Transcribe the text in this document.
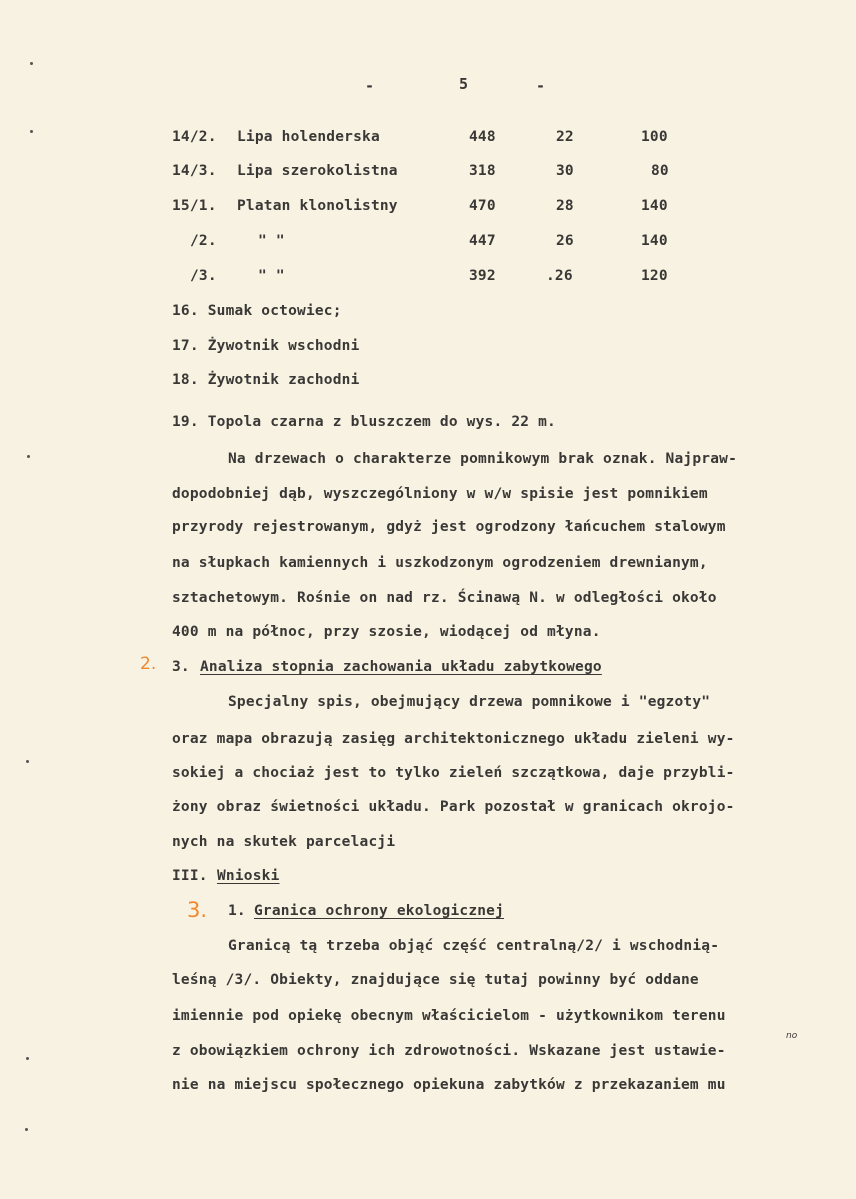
-	5	-
14/2. Lipa holenderska	448	22	100
14/3. Lipa szerokolistna	318	30	80
15/1. Platan klonolistny	470	28	140
/2.	" "	447	26	140
/3.	" "	392	.26	120
16. Sumak octowiec;
17. Żywotnik wschodni
18. Żywotnik zachodni
19. Topola czarna z bluszczem do wys. 22 m.
Na drzewach o charakterze pomnikowym brak oznak. Najpraw-
dopodobniej dąb, wyszczególniony w w/w spisie jest pomnikiem
przyrody rejestrowanym, gdyż jest ogrodzony łańcuchem stalowym
na słupkach kamiennych i uszkodzonym ogrodzeniem drewnianym,
sztachetowym. Rośnie on nad rz. Ścinawą N. w odległości około
400 m na północ, przy szosie, wiodącej od młyna.
2. 3. Analiza stopnia zachowania układu zabytkowego
Specjalny spis, obejmujący drzewa pomnikowe i "egzoty"
oraz mapa obrazują zasięg architektonicznego układu zieleni wy-
sokiej a chociaż jest to tylko zieleń szczątkowa, daje przybli-
żony obraz świetności układu. Park pozostał w granicach okrojo-
nych na skutek parcelacji
III. Wnioski
3. 1. Granica ochrony ekologicznej
Granicą tą trzeba objąć część centralną/2/ i wschodnią-
leśną /3/. Obiekty, znajdujące się tutaj powinny być oddane
imiennie pod opiekę obecnym właścicielom - użytkownikom terenu
z obowiązkiem ochrony ich zdrowotności. Wskazane jest ustawie-
nie na miejscu społecznego opiekuna zabytków z przekazaniem mu
no
